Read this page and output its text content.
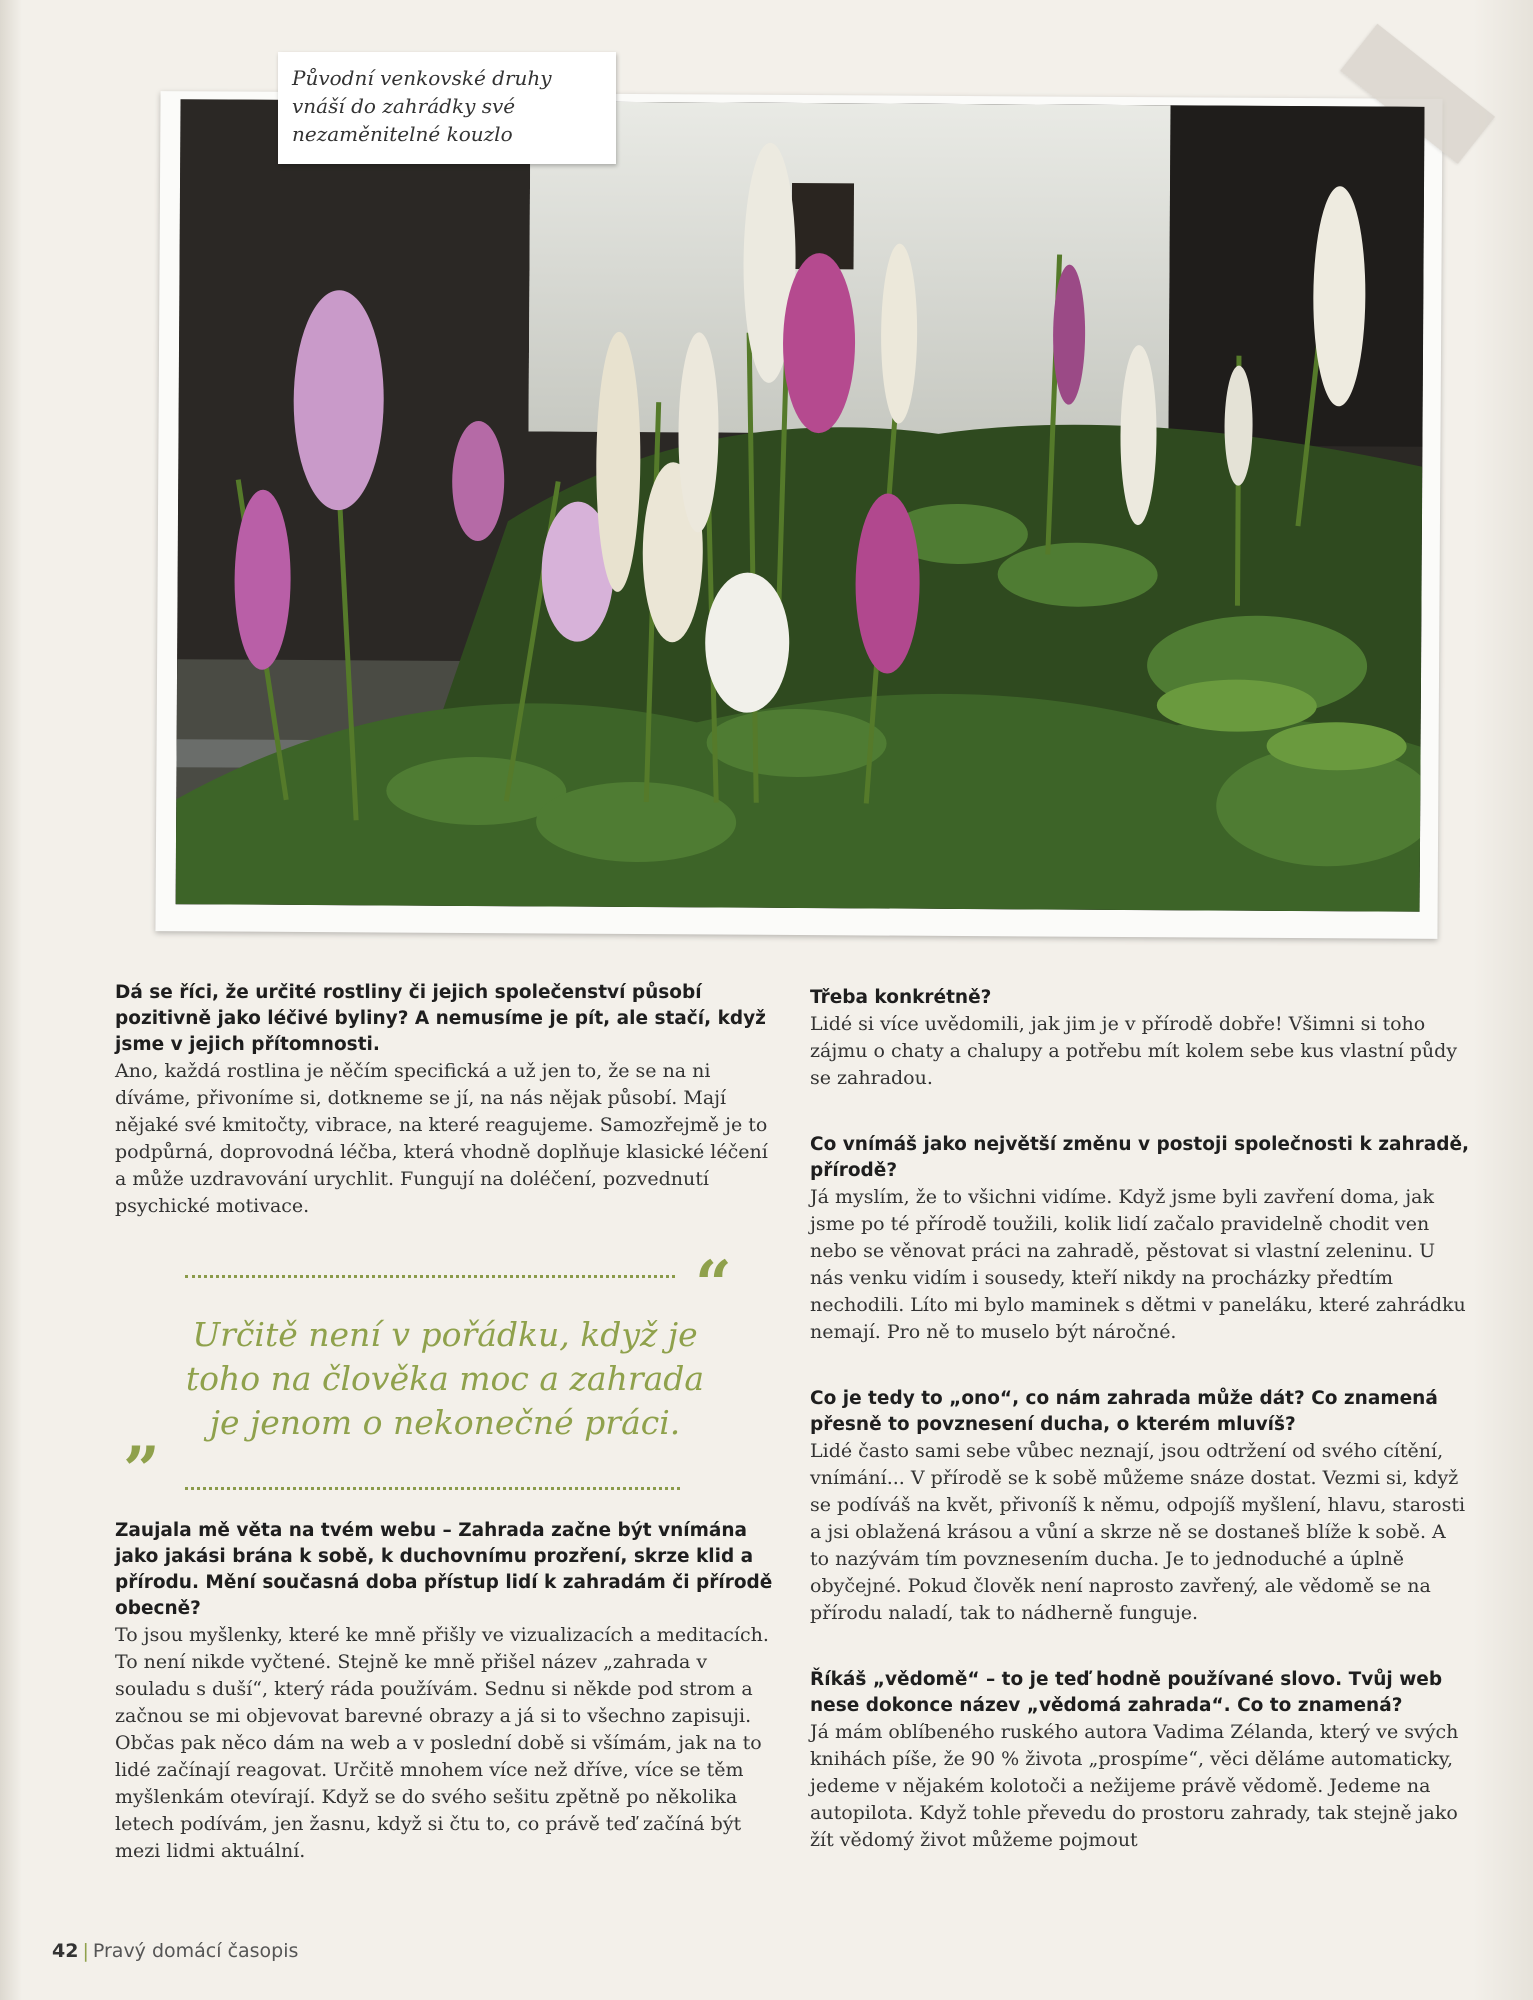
Původní venkovské druhy
vnáší do zahrádky své
nezaměnitelné kouzlo

Dá se říci, že určité rostliny či jejich společenství působí pozitivně jako léčivé byliny? A nemusíme je pít, ale stačí, když jsme v jejich přítomnosti.

Ano, každá rostlina je něčím specifická a už jen to, že se na ni díváme, přivoníme si, dotkneme se jí, na nás nějak působí. Mají nějaké své kmitočty, vibrace, na které reagujeme. Samozřejmě je to podpůrná, doprovodná léčba, která vhodně doplňuje klasické léčení a může uzdravování urychlit. Fungují na doléčení, pozvednutí psychické motivace.

“
Určitě není v pořádku, když je
toho na člověka moc a zahrada
je jenom o nekonečné práci.
”

Zaujala mě věta na tvém webu – Zahrada začne být vnímána jako jakási brána k sobě, k duchovnímu prozření, skrze klid a přírodu. Mění současná doba přístup lidí k zahradám či přírodě obecně?

To jsou myšlenky, které ke mně přišly ve vizualizacích a meditacích. To není nikde vyčtené. Stejně ke mně přišel název „zahrada v souladu s duší“, který ráda používám. Sednu si někde pod strom a začnou se mi objevovat barevné obrazy a já si to všechno zapisuji. Občas pak něco dám na web a v poslední době si všímám, jak na to lidé začínají reagovat. Určitě mnohem více než dříve, více se těm myšlenkám otevírají. Když se do svého sešitu zpětně po několika letech podívám, jen žasnu, když si čtu to, co právě teď začíná být mezi lidmi aktuální.

Třeba konkrétně?

Lidé si více uvědomili, jak jim je v přírodě dobře! Všimni si toho zájmu o chaty a chalupy a potřebu mít kolem sebe kus vlastní půdy se zahradou.

Co vnímáš jako největší změnu v postoji společnosti k zahradě, přírodě?

Já myslím, že to všichni vidíme. Když jsme byli zavření doma, jak jsme po té přírodě toužili, kolik lidí začalo pravidelně chodit ven nebo se věnovat práci na zahradě, pěstovat si vlastní zeleninu. U nás venku vidím i sousedy, kteří nikdy na procházky předtím nechodili. Líto mi bylo maminek s dětmi v paneláku, které zahrádku nemají. Pro ně to muselo být náročné.

Co je tedy to „ono“, co nám zahrada může dát? Co znamená přesně to povznesení ducha, o kterém mluvíš?

Lidé často sami sebe vůbec neznají, jsou odtržení od svého cítění, vnímání... V přírodě se k sobě můžeme snáze dostat. Vezmi si, když se podíváš na květ, přivoníš k němu, odpojíš myšlení, hlavu, starosti a jsi oblažená krásou a vůní a skrze ně se dostaneš blíže k sobě. A to nazývám tím povznesením ducha. Je to jednoduché a úplně obyčejné. Pokud člověk není naprosto zavřený, ale vědomě se na přírodu naladí, tak to nádherně funguje.

Říkáš „vědomě“ – to je teď hodně používané slovo. Tvůj web nese dokonce název „vědomá zahrada“. Co to znamená?

Já mám oblíbeného ruského autora Vadima Zélanda, který ve svých knihách píše, že 90 % života „prospíme“, věci děláme automaticky, jedeme v nějakém kolotoči a nežijeme právě vědomě. Jedeme na autopilota. Když tohle převedu do prostoru zahrady, tak stejně jako žít vědomý život můžeme pojmout

42 | Pravý domácí časopis
